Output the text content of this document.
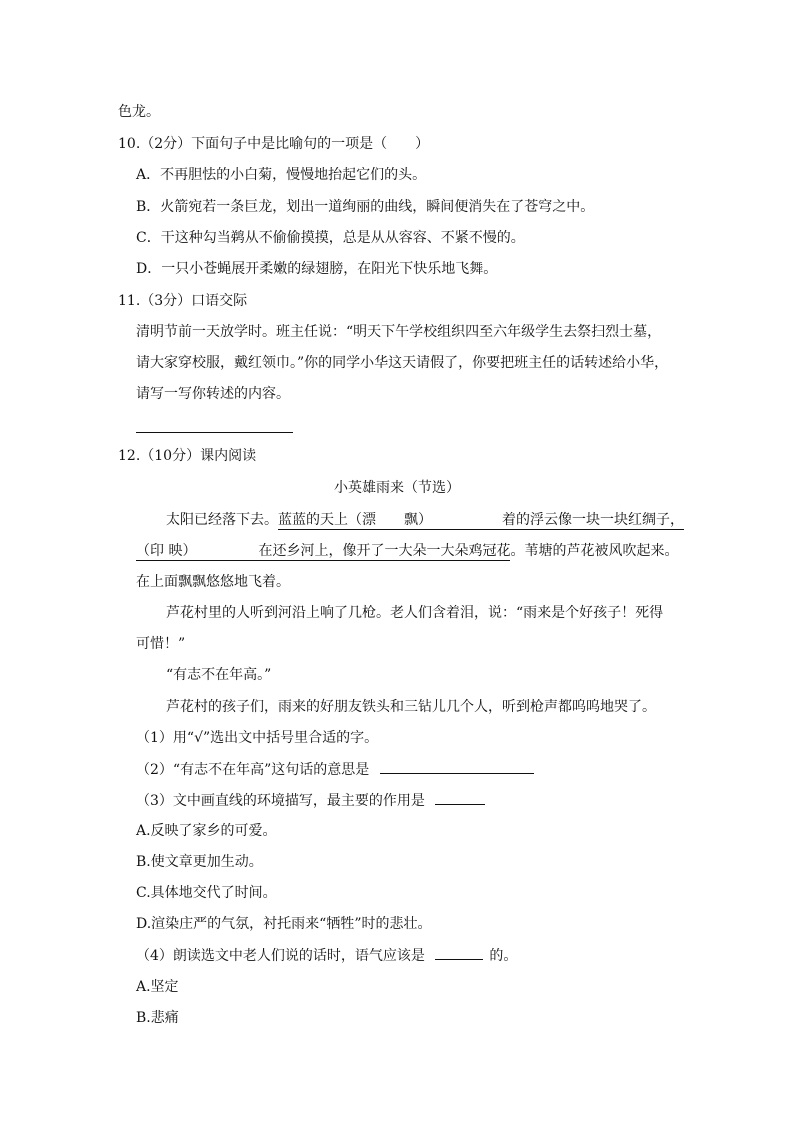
色龙。
10.（2分）下面句子中是比喻句的一项是（　　）
A．不再胆怯的小白菊，慢慢地抬起它们的头。
B．火箭宛若一条巨龙，划出一道绚丽的曲线，瞬间便消失在了苍穹之中。
C．干这种勾当鹈从不偷偷摸摸，总是从从容容、不紧不慢的。
D．一只小苍蝇展开柔嫩的绿翅膀，在阳光下快乐地飞舞。
11.（3分）口语交际
清明节前一天放学时。班主任说：“明天下午学校组织四至六年级学生去祭扫烈士墓，
请大家穿校服，戴红领巾。”你的同学小华这天请假了，你要把班主任的话转述给小华，
请写一写你转述的内容。
12.（10分）课内阅读
小英雄雨来（节选）
太阳已经落下去。蓝蓝的天上（漂　　飘）	着的浮云像一块一块红绸子，
（印 映）	在还乡河上，像开了一大朵一大朵鸡冠花。苇塘的芦花被风吹起来。
在上面飘飘悠悠地飞着。
芦花村里的人听到河沿上响了几枪。老人们含着泪，说：“雨来是个好孩子！死得
可惜！”
“有志不在年高。”
芦花村的孩子们，雨来的好朋友铁头和三钻儿几个人，听到枪声都呜呜地哭了。
（1）用“√”选出文中括号里合适的字。
（2）“有志不在年高”这句话的意思是
（3）文中画直线的环境描写，最主要的作用是
A.反映了家乡的可爱。
B.使文章更加生动。
C.具体地交代了时间。
D.渲染庄严的气氛，衬托雨来“牺牲”时的悲壮。
（4）朗读选文中老人们说的话时，语气应该是	的。
A.坚定
B.悲痛
